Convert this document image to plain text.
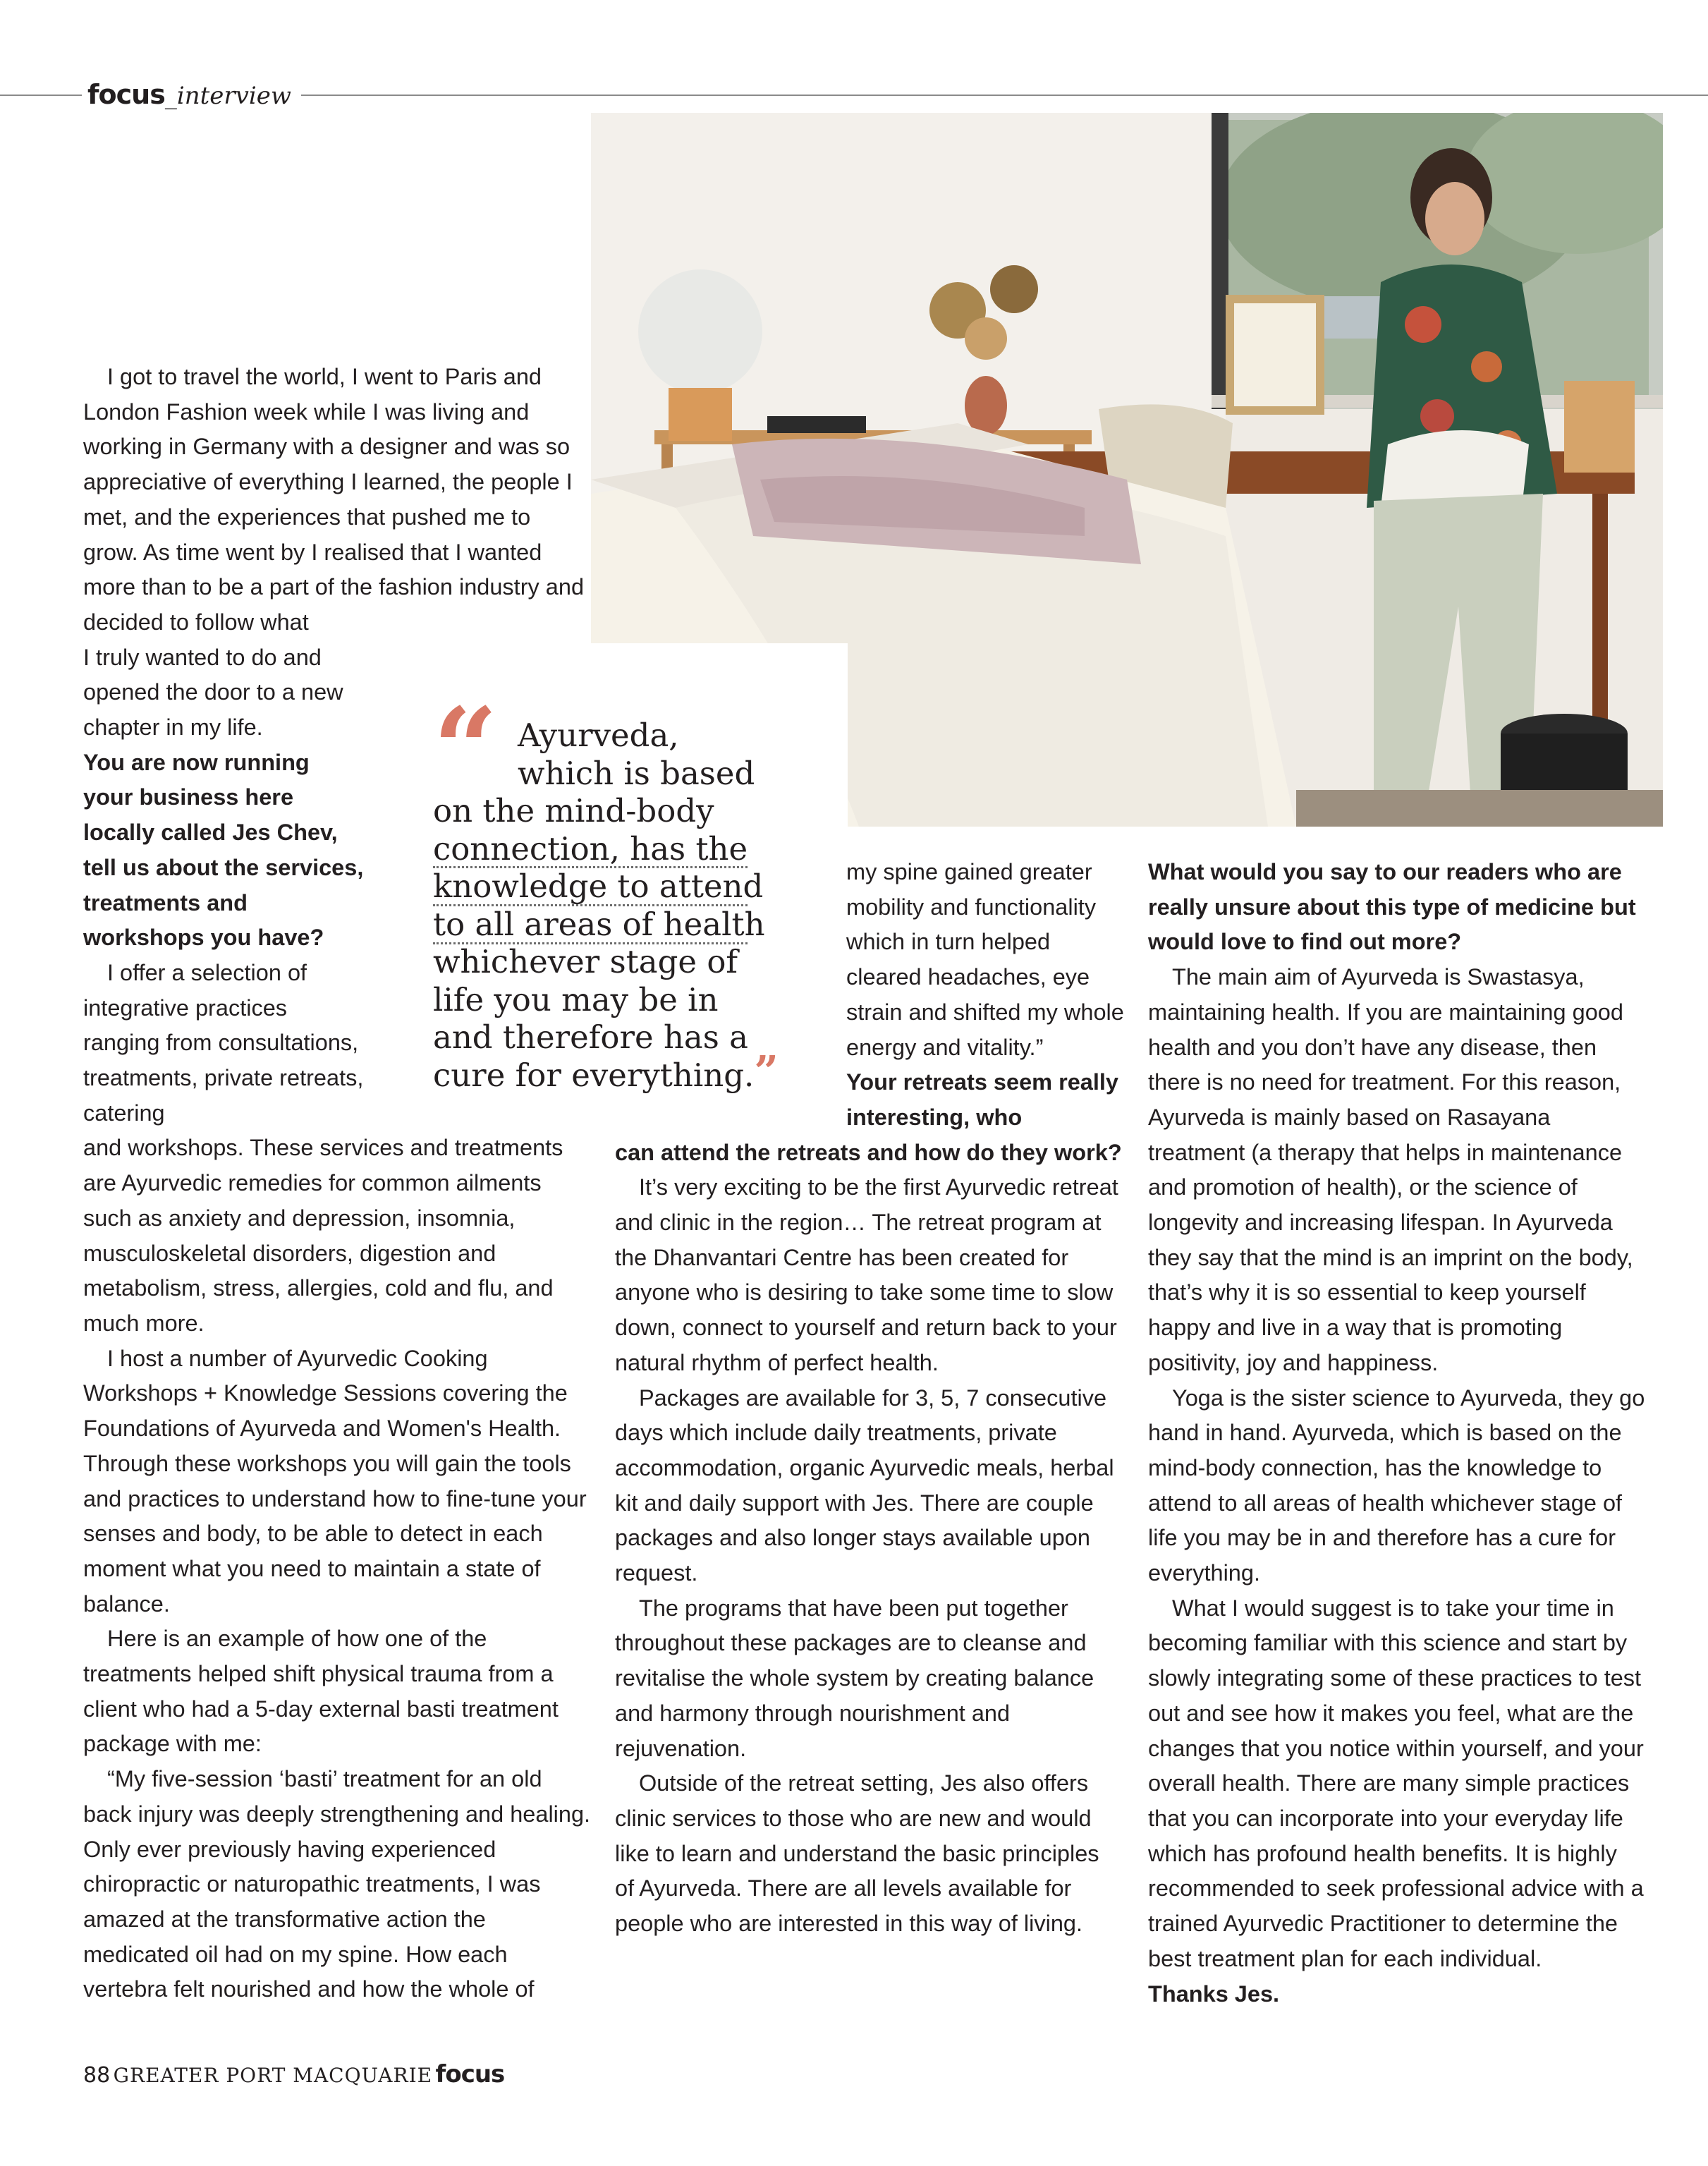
focus_interview

I got to travel the world, I went to Paris and London Fashion week while I was living and working in Germany with a designer and was so appreciative of everything I learned, the people I met, and the experiences that pushed me to grow. As time went by I realised that I wanted more than to be a part of the fashion industry and decided to follow what

I truly wanted to do and opened the door to a new chapter in my life.

You are now running your business here locally called Jes Chev, tell us about the services, treatments and workshops you have?

I offer a selection of integrative practices ranging from consultations, treatments, private retreats, catering

and workshops. These services and treatments are Ayurvedic remedies for common ailments such as anxiety and depression, insomnia, musculoskeletal disorders, digestion and metabolism, stress, allergies, cold and flu, and much more.

I host a number of Ayurvedic Cooking Workshops + Knowledge Sessions covering the Foundations of Ayurveda and Women's Health. Through these workshops you will gain the tools and practices to understand how to fine-tune your senses and body, to be able to detect in each moment what you need to maintain a state of balance.

Here is an example of how one of the treatments helped shift physical trauma from a client who had a 5-day external basti treatment package with me:

“My five-session ‘basti’ treatment for an old back injury was deeply strengthening and healing. Only ever previously having experienced chiropractic or naturopathic treatments, I was amazed at the transformative action the medicated oil had on my spine. How each vertebra felt nourished and how the whole of

“ Ayurveda,
which is based
on the mind-body connection, has the knowledge to attend to all areas of health whichever stage of life you may be in and therefore has a cure for everything.”

my spine gained greater mobility and functionality which in turn helped cleared headaches, eye strain and shifted my whole energy and vitality.”

Your retreats seem really interesting, who

can attend the retreats and how do they work?

It’s very exciting to be the first Ayurvedic retreat and clinic in the region… The retreat program at the Dhanvantari Centre has been created for anyone who is desiring to take some time to slow down, connect to yourself and return back to your natural rhythm of perfect health.

Packages are available for 3, 5, 7 consecutive days which include daily treatments, private accommodation, organic Ayurvedic meals, herbal kit and daily support with Jes. There are couple packages and also longer stays available upon request.

The programs that have been put together throughout these packages are to cleanse and revitalise the whole system by creating balance and harmony through nourishment and rejuvenation.

Outside of the retreat setting, Jes also offers clinic services to those who are new and would like to learn and understand the basic principles of Ayurveda. There are all levels available for people who are interested in this way of living.

What would you say to our readers who are really unsure about this type of medicine but would love to find out more?

The main aim of Ayurveda is Swastasya, maintaining health. If you are maintaining good health and you don’t have any disease, then there is no need for treatment. For this reason, Ayurveda is mainly based on Rasayana treatment (a therapy that helps in maintenance and promotion of health), or the science of longevity and increasing lifespan. In Ayurveda they say that the mind is an imprint on the body, that’s why it is so essential to keep yourself happy and live in a way that is promoting positivity, joy and happiness.

Yoga is the sister science to Ayurveda, they go hand in hand. Ayurveda, which is based on the mind-body connection, has the knowledge to attend to all areas of health whichever stage of life you may be in and therefore has a cure for everything.

What I would suggest is to take your time in becoming familiar with this science and start by slowly integrating some of these practices to test out and see how it makes you feel, what are the changes that you notice within yourself, and your overall health. There are many simple practices that you can incorporate into your everyday life which has profound health benefits. It is highly recommended to seek professional advice with a trained Ayurvedic Practitioner to determine the best treatment plan for each individual.

Thanks Jes.

88 GREATER PORT MACQUARIE focus
